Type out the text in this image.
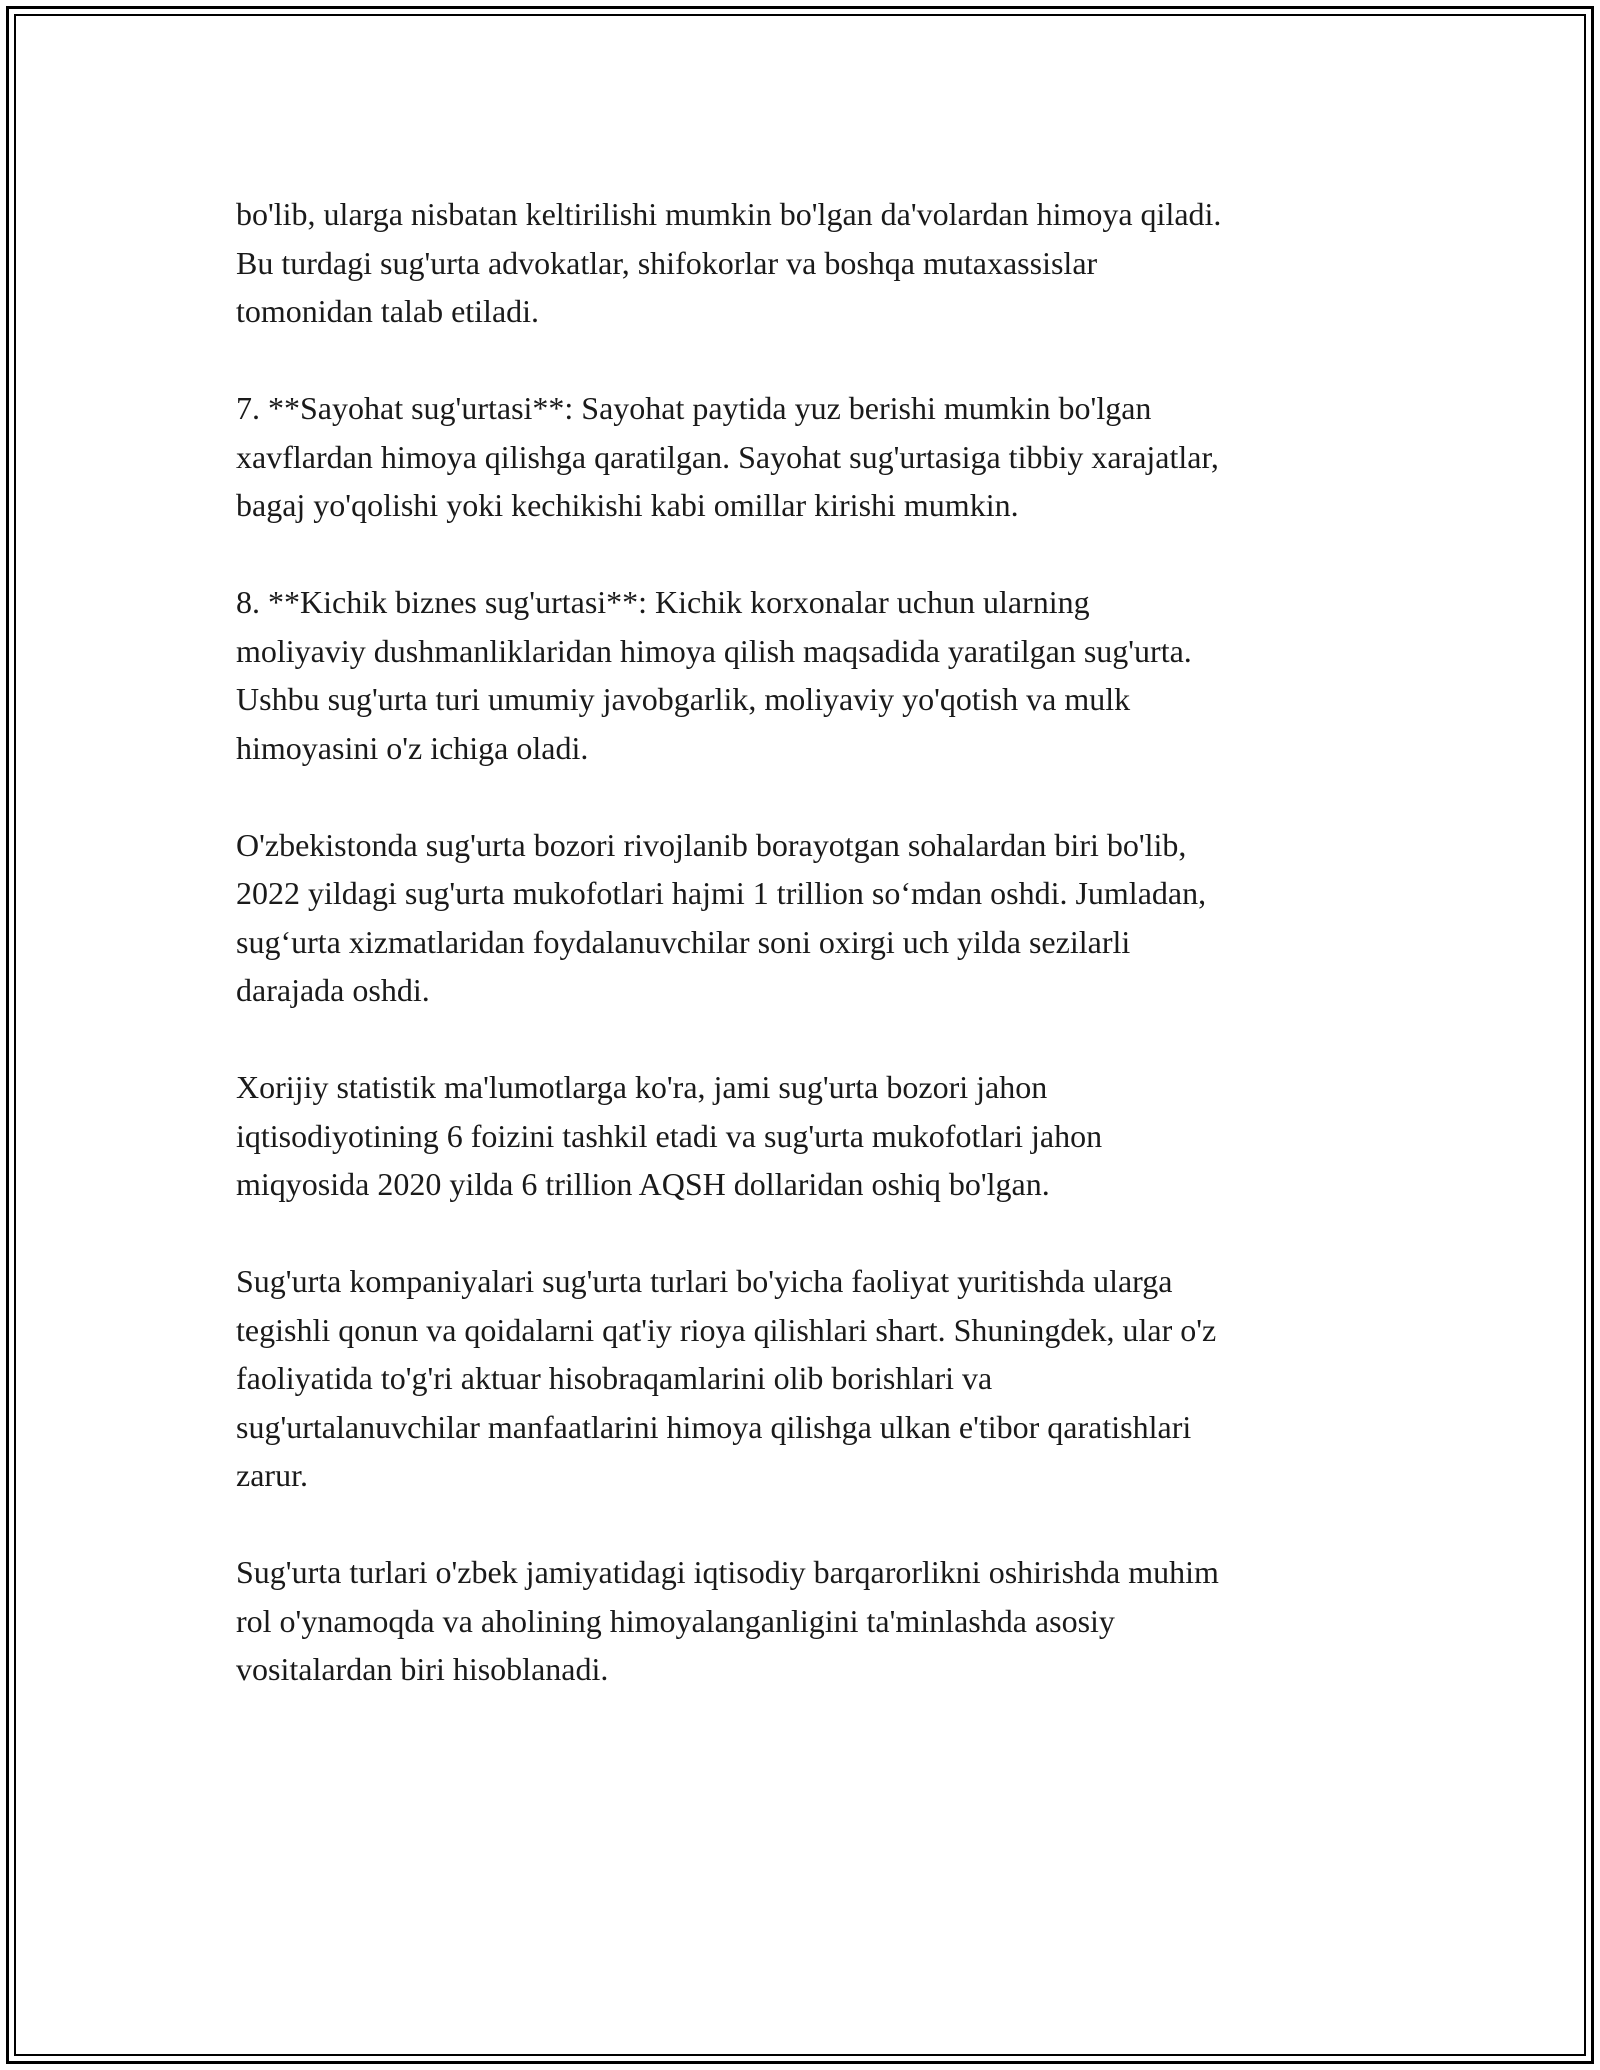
bo'lib, ularga nisbatan keltirilishi mumkin bo'lgan da'volardan himoya qiladi.
Bu turdagi sug'urta advokatlar, shifokorlar va boshqa mutaxassislar
tomonidan talab etiladi.

7. **Sayohat sug'urtasi**: Sayohat paytida yuz berishi mumkin bo'lgan
xavflardan himoya qilishga qaratilgan. Sayohat sug'urtasiga tibbiy xarajatlar,
bagaj yo'qolishi yoki kechikishi kabi omillar kirishi mumkin.

8. **Kichik biznes sug'urtasi**: Kichik korxonalar uchun ularning
moliyaviy dushmanliklaridan himoya qilish maqsadida yaratilgan sug'urta.
Ushbu sug'urta turi umumiy javobgarlik, moliyaviy yo'qotish va mulk
himoyasini o'z ichiga oladi.

O'zbekistonda sug'urta bozori rivojlanib borayotgan sohalardan biri bo'lib,
2022 yildagi sug'urta mukofotlari hajmi 1 trillion so‘mdan oshdi. Jumladan,
sug‘urta xizmatlaridan foydalanuvchilar soni oxirgi uch yilda sezilarli
darajada oshdi.

Xorijiy statistik ma'lumotlarga ko'ra, jami sug'urta bozori jahon
iqtisodiyotining 6 foizini tashkil etadi va sug'urta mukofotlari jahon
miqyosida 2020 yilda 6 trillion AQSH dollaridan oshiq bo'lgan.

Sug'urta kompaniyalari sug'urta turlari bo'yicha faoliyat yuritishda ularga
tegishli qonun va qoidalarni qat'iy rioya qilishlari shart. Shuningdek, ular o'z
faoliyatida to'g'ri aktuar hisobraqamlarini olib borishlari va
sug'urtalanuvchilar manfaatlarini himoya qilishga ulkan e'tibor qaratishlari
zarur.

Sug'urta turlari o'zbek jamiyatidagi iqtisodiy barqarorlikni oshirishda muhim
rol o'ynamoqda va aholining himoyalanganligini ta'minlashda asosiy
vositalardan biri hisoblanadi.
